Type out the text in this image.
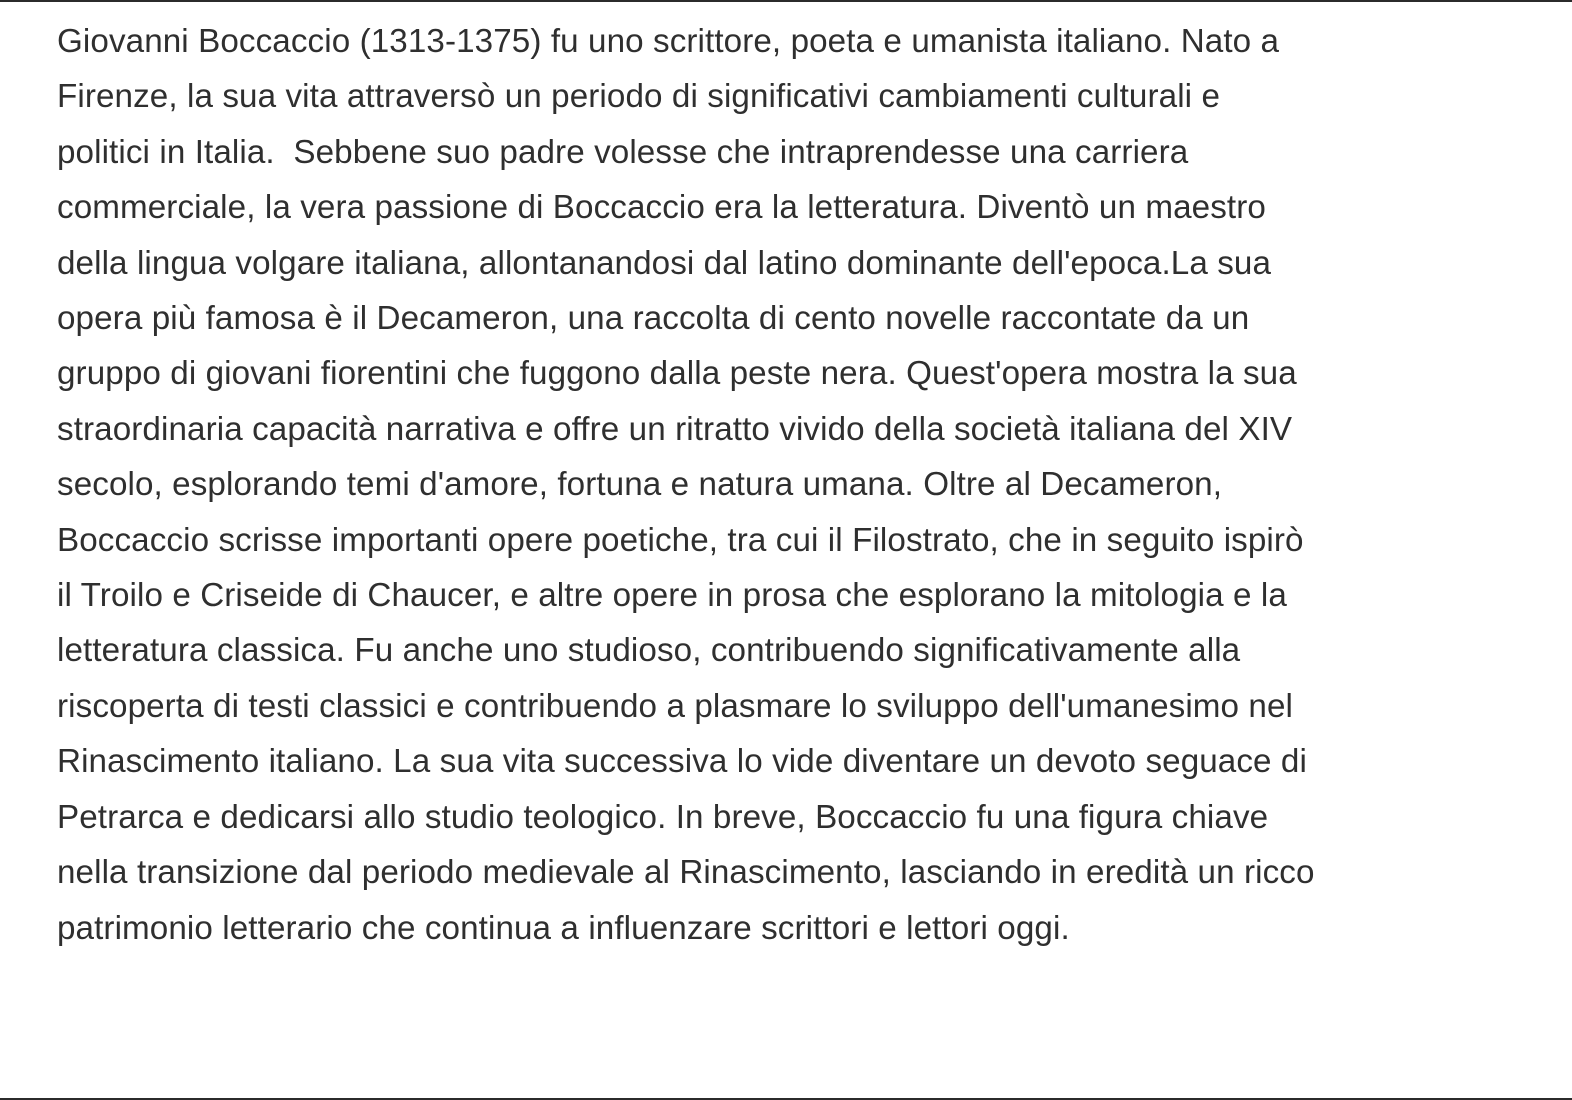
Giovanni Boccaccio (1313-1375) fu uno scrittore, poeta e umanista italiano. Nato a
Firenze, la sua vita attraversò un periodo di significativi cambiamenti culturali e
politici in Italia.  Sebbene suo padre volesse che intraprendesse una carriera
commerciale, la vera passione di Boccaccio era la letteratura. Diventò un maestro
della lingua volgare italiana, allontanandosi dal latino dominante dell'epoca.La sua
opera più famosa è il Decameron, una raccolta di cento novelle raccontate da un
gruppo di giovani fiorentini che fuggono dalla peste nera. Quest'opera mostra la sua
straordinaria capacità narrativa e offre un ritratto vivido della società italiana del XIV
secolo, esplorando temi d'amore, fortuna e natura umana. Oltre al Decameron,
Boccaccio scrisse importanti opere poetiche, tra cui il Filostrato, che in seguito ispirò
il Troilo e Criseide di Chaucer, e altre opere in prosa che esplorano la mitologia e la
letteratura classica. Fu anche uno studioso, contribuendo significativamente alla
riscoperta di testi classici e contribuendo a plasmare lo sviluppo dell'umanesimo nel
Rinascimento italiano. La sua vita successiva lo vide diventare un devoto seguace di
Petrarca e dedicarsi allo studio teologico. In breve, Boccaccio fu una figura chiave
nella transizione dal periodo medievale al Rinascimento, lasciando in eredità un ricco
patrimonio letterario che continua a influenzare scrittori e lettori oggi.
